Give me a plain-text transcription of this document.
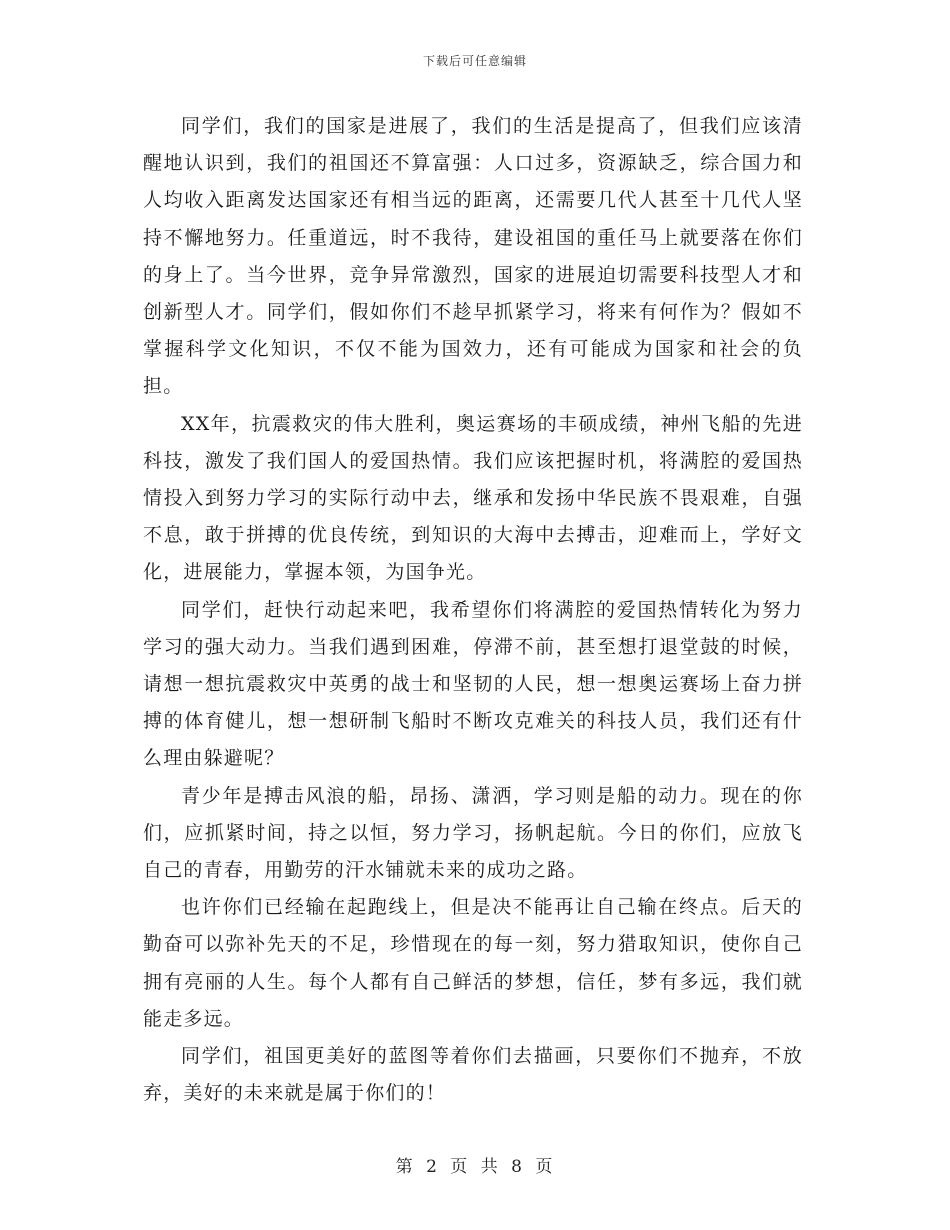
下载后可任意编辑

同学们，我们的国家是进展了，我们的生活是提高了，但我们应该清醒地认识到，我们的祖国还不算富强：人口过多，资源缺乏，综合国力和人均收入距离发达国家还有相当远的距离，还需要几代人甚至十几代人坚持不懈地努力。任重道远，时不我待，建设祖国的重任马上就要落在你们的身上了。当今世界，竞争异常激烈，国家的进展迫切需要科技型人才和创新型人才。同学们，假如你们不趁早抓紧学习，将来有何作为？假如不掌握科学文化知识，不仅不能为国效力，还有可能成为国家和社会的负担。

XX年，抗震救灾的伟大胜利，奥运赛场的丰硕成绩，神州飞船的先进科技，激发了我们国人的爱国热情。我们应该把握时机，将满腔的爱国热情投入到努力学习的实际行动中去，继承和发扬中华民族不畏艰难，自强不息，敢于拼搏的优良传统，到知识的大海中去搏击，迎难而上，学好文化，进展能力，掌握本领，为国争光。

同学们，赶快行动起来吧，我希望你们将满腔的爱国热情转化为努力学习的强大动力。当我们遇到困难，停滞不前，甚至想打退堂鼓的时候，请想一想抗震救灾中英勇的战士和坚韧的人民，想一想奥运赛场上奋力拼搏的体育健儿，想一想研制飞船时不断攻克难关的科技人员，我们还有什么理由躲避呢？

青少年是搏击风浪的船，昂扬、潇洒，学习则是船的动力。现在的你们，应抓紧时间，持之以恒，努力学习，扬帆起航。今日的你们，应放飞自己的青春，用勤劳的汗水铺就未来的成功之路。

也许你们已经输在起跑线上，但是决不能再让自己输在终点。后天的勤奋可以弥补先天的不足，珍惜现在的每一刻，努力猎取知识，使你自己拥有亮丽的人生。每个人都有自己鲜活的梦想，信任，梦有多远，我们就能走多远。

同学们，祖国更美好的蓝图等着你们去描画，只要你们不抛弃，不放弃，美好的未来就是属于你们的！

第 2 页 共 8 页
